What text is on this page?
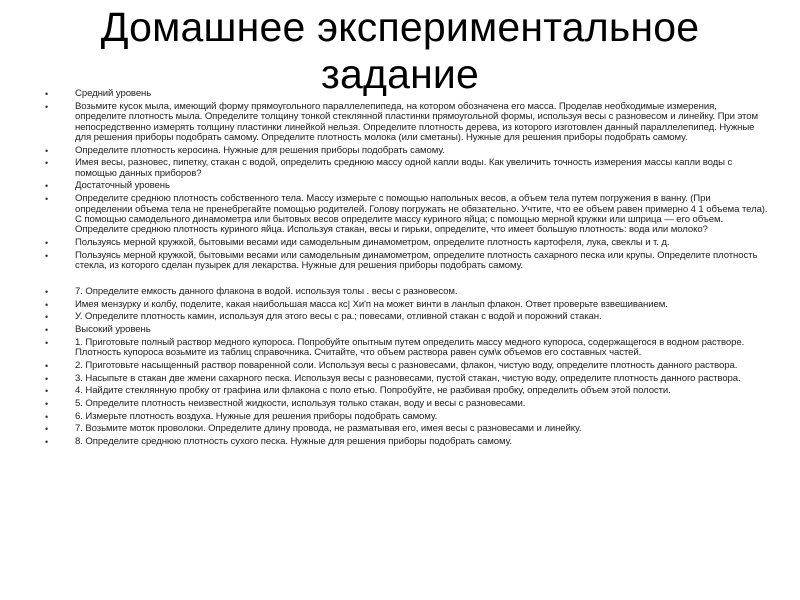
Домашнее экспериментальное задание
•	Средний уровень
•	Возьмите кусок мыла, имеющий форму прямоугольного параллелепипеда, на котором обозначена его масса. Проделав необходимые измерения, определите плотность мыла. Определите толщину тонкой стеклянной пластинки прямоугольной формы, используя весы с разновесом и линейку. При этом непосредственно измерять толщину пластинки линейкой нельзя. Определите плотность дерева, из которого изготовлен данный параллелепипед. Нужные для решения приборы подобрать самому. Определите плотность молока (или сметаны). Нужные для решения приборы подобрать самому.
•	Определите плотность керосина. Нужные для решения приборы подобрать самому.
•	Имея весы, разновес, пипетку, стакан с водой, определить среднюю массу одной капли воды. Как увеличить точность измерения массы капли воды с помощью данных приборов?
•	Достаточный уровень
•	Определите среднюю плотность собственного тела. Массу измерьте с помощью напольных весов, а объем тела путем погружения в ванну. (При определении объема тела не пренебрегайте помощью родителей. Голову погружать не обязательно. Учтите, что ее объем равен примерно 4 1 объема тела). С помощью самодельного динамометра или бытовых весов определите массу куриного яйца; с помощью мерной кружки или шприца — его объем. Определите среднюю плотность куриного яйца. Используя стакан, весы и гирьки, определите, что имеет большую плотность: вода или молоко?
•	Пользуясь мерной кружкой, бытовыми весами иди самодельным динамометром, определите плотность картофеля, лука, свеклы и т. д.
•	Пользуясь мерной кружкой, бытовыми весами или самодельным динамометром, определите плотность сахарного песка или крупы. Определите плотность стекла, из которого сделан пузырек для лекарства. Нужные для решения приборы подобрать самому.
•	7. Определите емкость данного флакона в водой. используя толы . весы с разновесом.
•	Имея мензурку и колбу, поделите, какая наибольшая масса кс| Хи'п на может винти в ланлып флакон. Ответ проверьте взвешиванием.
•	У. Определите плотность камин, используя для этого весы с ра.; повесами, отливной стакан с водой и порожний стакан.
•	Высокий уровень
•	1. Приготовьте полный раствор медного купороса. Попробуйте опытным путем определить массу медного купороса, содержащегося в водном растворе. Плотность купороса возьмите из таблиц справочника. Считайте, что объем раствора равен сум\к объемов его составных частей.
•	2. Приготовьте насыщенный раствор поваренной соли. Используя весы с разновесами, флакон, чистую воду, определите плотность данного раствора.
•	3. Насыпьте в стакан две жмени сахарного песка. Используя весы с разновесами, пустой стакан, чистую воду, определите плотность данного раствора.
•	4. Найдите стеклянную пробку от графина или флакона с поло етью. Попробуйте, не разбивая пробку, определить объем этой полости.
•	5. Определите плотность неизвестной жидкости, используя только стакан, воду и весы с разновесами.
•	6. Измерьте плотность воздуха. Нужные для решения приборы подобрать самому.
•	7. Возьмите моток проволоки. Определите длину провода, не разматывая его, имея весы с разновесами и линейку.
•	8. Определите среднюю плотность сухого песка. Нужные для решения приборы подобрать самому.
